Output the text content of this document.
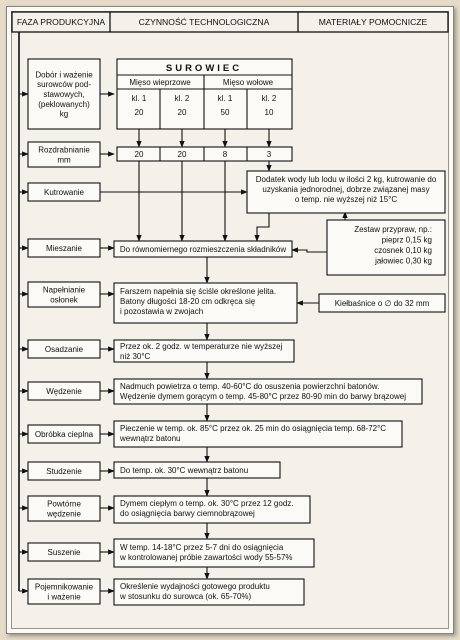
FAZA PRODUKCYJNA	CZYNNOŚĆ TECHNOLOGICZNA	MATERIAŁY POMOCNICZE
Dobór i ważenie surowców pod-stawowych, (peklowanych) kg
Rozdrabnianie mm
Kutrowanie
Mieszanie
Napełnianie osłonek
Osadzanie
Wędzenie
Obróbka cieplna
Studzenie
Powtórne wędzenie
Suszenie
Pojemnikowanie i ważenie
SUROWIEC
Mięso wieprzowe	Mięso wołowe
kl. 1	kl. 2	kl. 1	kl. 2
20	20	50	10
20	20	8	3
Dodatek wody lub lodu w ilości 2 kg, kutrowanie do uzyskania jednorodnej, dobrze związanej masy o temp. nie wyższej niż 15°C
Do równomiernego rozmieszczenia składników
Farszem napełnia się ściśle określone jelita. Batony długości 18-20 cm odkręca się i pozostawia w zwojach
Przez ok. 2 godz. w temperaturze nie wyższej niż 30°C
Nadmuch powietrza o temp. 40-60°C do osuszenia powierzchni batonów. Wędzenie dymem gorącym o temp. 45-80°C przez 80-90 min do barwy brązowej
Pieczenie w temp. ok. 85°C przez ok. 25 min do osiągnięcia temp. 68-72°C wewnątrz batonu
Do temp. ok. 30°C wewnątrz batonu
Dymem ciepłym o temp. ok. 30°C przez 12 godz. do osiągnięcia barwy ciemnobrązowej
W temp. 14-18°C przez 5-7 dni do osiągnięcia w kontrolowanej próbie zawartości wody 55-57%
Określenie wydajności gotowego produktu w stosunku do surowca (ok. 65-70%)
Zestaw przypraw, np.: pieprz 0,15 kg czosnek 0,10 kg jałowiec 0,30 kg
Kiełbaśnice o ∅ do 32 mm
